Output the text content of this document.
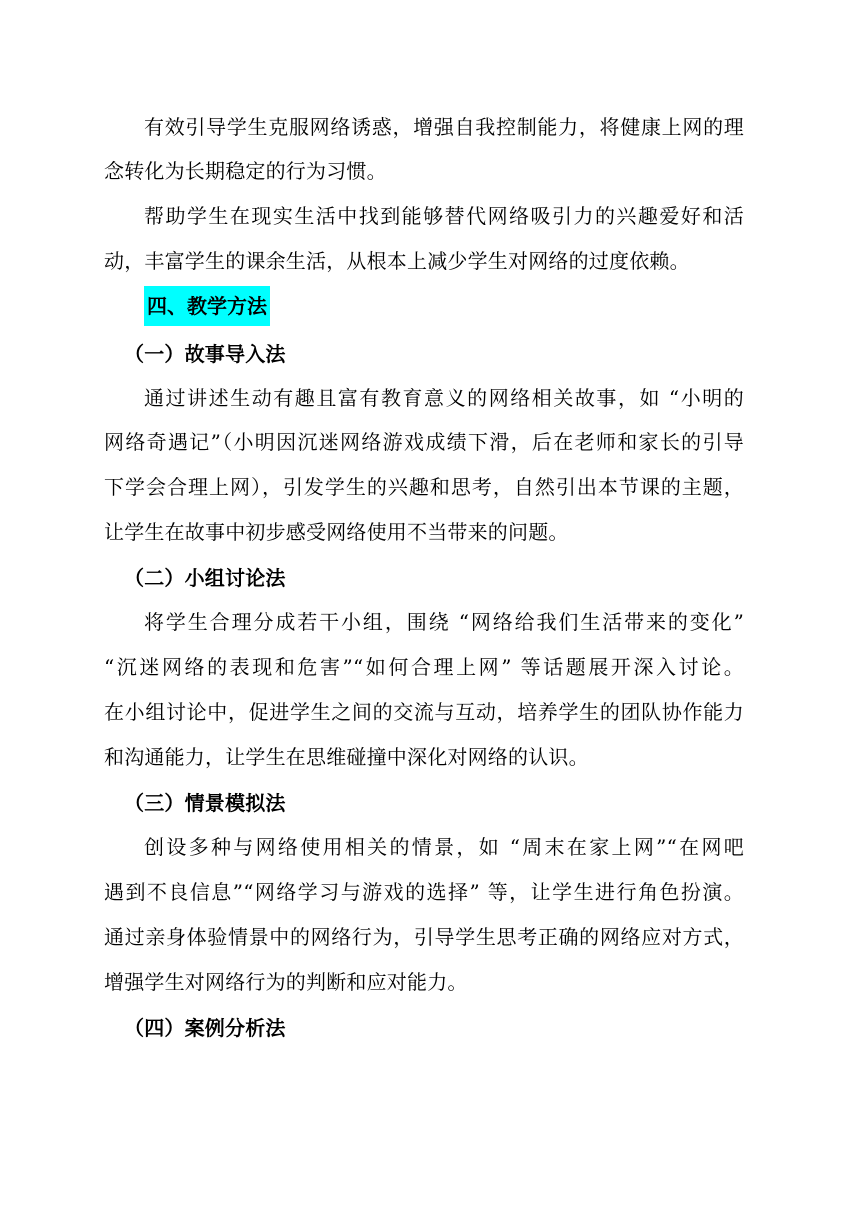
有效引导学生克服网络诱惑，增强自我控制能力，将健康上网的理
念转化为长期稳定的行为习惯。
帮助学生在现实生活中找到能够替代网络吸引力的兴趣爱好和活
动，丰富学生的课余生活，从根本上减少学生对网络的过度依赖。
四、教学方法
（一）故事导入法
通过讲述生动有趣且富有教育意义的网络相关故事，如 “小明的
网络奇遇记”（小明因沉迷网络游戏成绩下滑，后在老师和家长的引导
下学会合理上网），引发学生的兴趣和思考，自然引出本节课的主题，
让学生在故事中初步感受网络使用不当带来的问题。
（二）小组讨论法
将学生合理分成若干小组，围绕 “网络给我们生活带来的变化”
“沉迷网络的表现和危害”“如何合理上网” 等话题展开深入讨论。
在小组讨论中，促进学生之间的交流与互动，培养学生的团队协作能力
和沟通能力，让学生在思维碰撞中深化对网络的认识。
（三）情景模拟法
创设多种与网络使用相关的情景，如 “周末在家上网”“在网吧
遇到不良信息”“网络学习与游戏的选择” 等，让学生进行角色扮演。
通过亲身体验情景中的网络行为，引导学生思考正确的网络应对方式，
增强学生对网络行为的判断和应对能力。
（四）案例分析法
